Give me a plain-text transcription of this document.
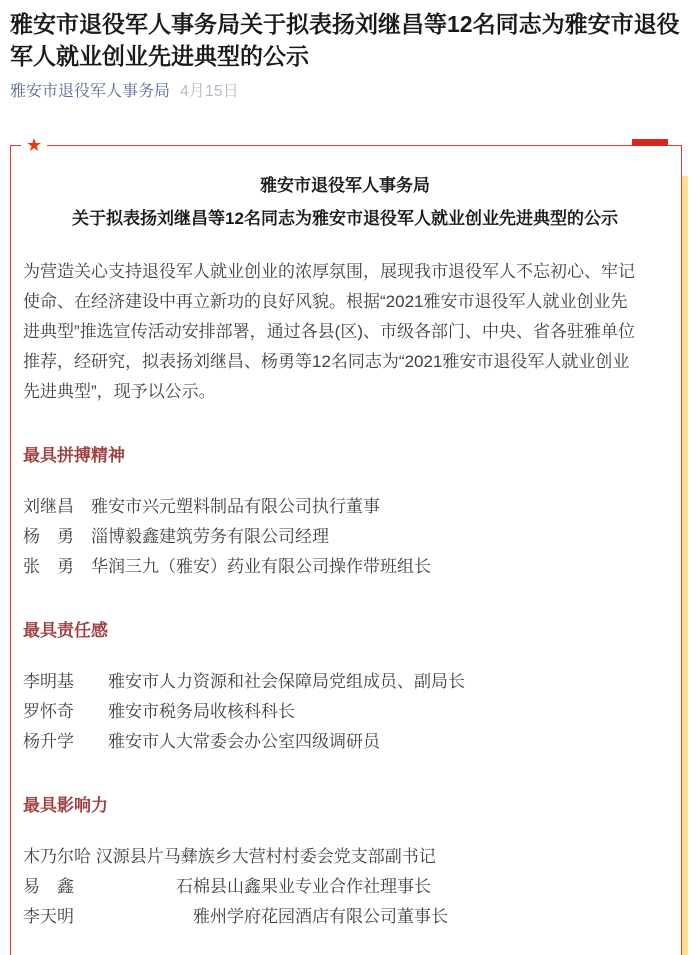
雅安市退役军人事务局关于拟表扬刘继昌等12名同志为雅安市退役军人就业创业先进典型的公示
雅安市退役军人事务局 4月15日
★
雅安市退役军人事务局
关于拟表扬刘继昌等12名同志为雅安市退役军人就业创业先进典型的公示
为营造关心支持退役军人就业创业的浓厚氛围，展现我市退役军人不忘初心、牢记
使命、在经济建设中再立新功的良好风貌。根据“2021雅安市退役军人就业创业先
进典型”推选宣传活动安排部署，通过各县(区)、市级各部门、中央、省各驻雅单位
推荐，经研究，拟表扬刘继昌、杨勇等12名同志为“2021雅安市退役军人就业创业
先进典型”，现予以公示。
最具拼搏精神
刘继昌　雅安市兴元塑料制品有限公司执行董事
杨　勇　淄博毅鑫建筑劳务有限公司经理
张　勇　华润三九（雅安）药业有限公司操作带班组长
最具责任感
李明基　　雅安市人力资源和社会保障局党组成员、副局长
罗怀奇　　雅安市税务局收核科科长
杨升学　　雅安市人大常委会办公室四级调研员
最具影响力
木乃尔哈 汉源县片马彝族乡大营村村委会党支部副书记
易　鑫　　　　　　石棉县山鑫果业专业合作社理事长
李天明　　　　　　　雅州学府花园酒店有限公司董事长
